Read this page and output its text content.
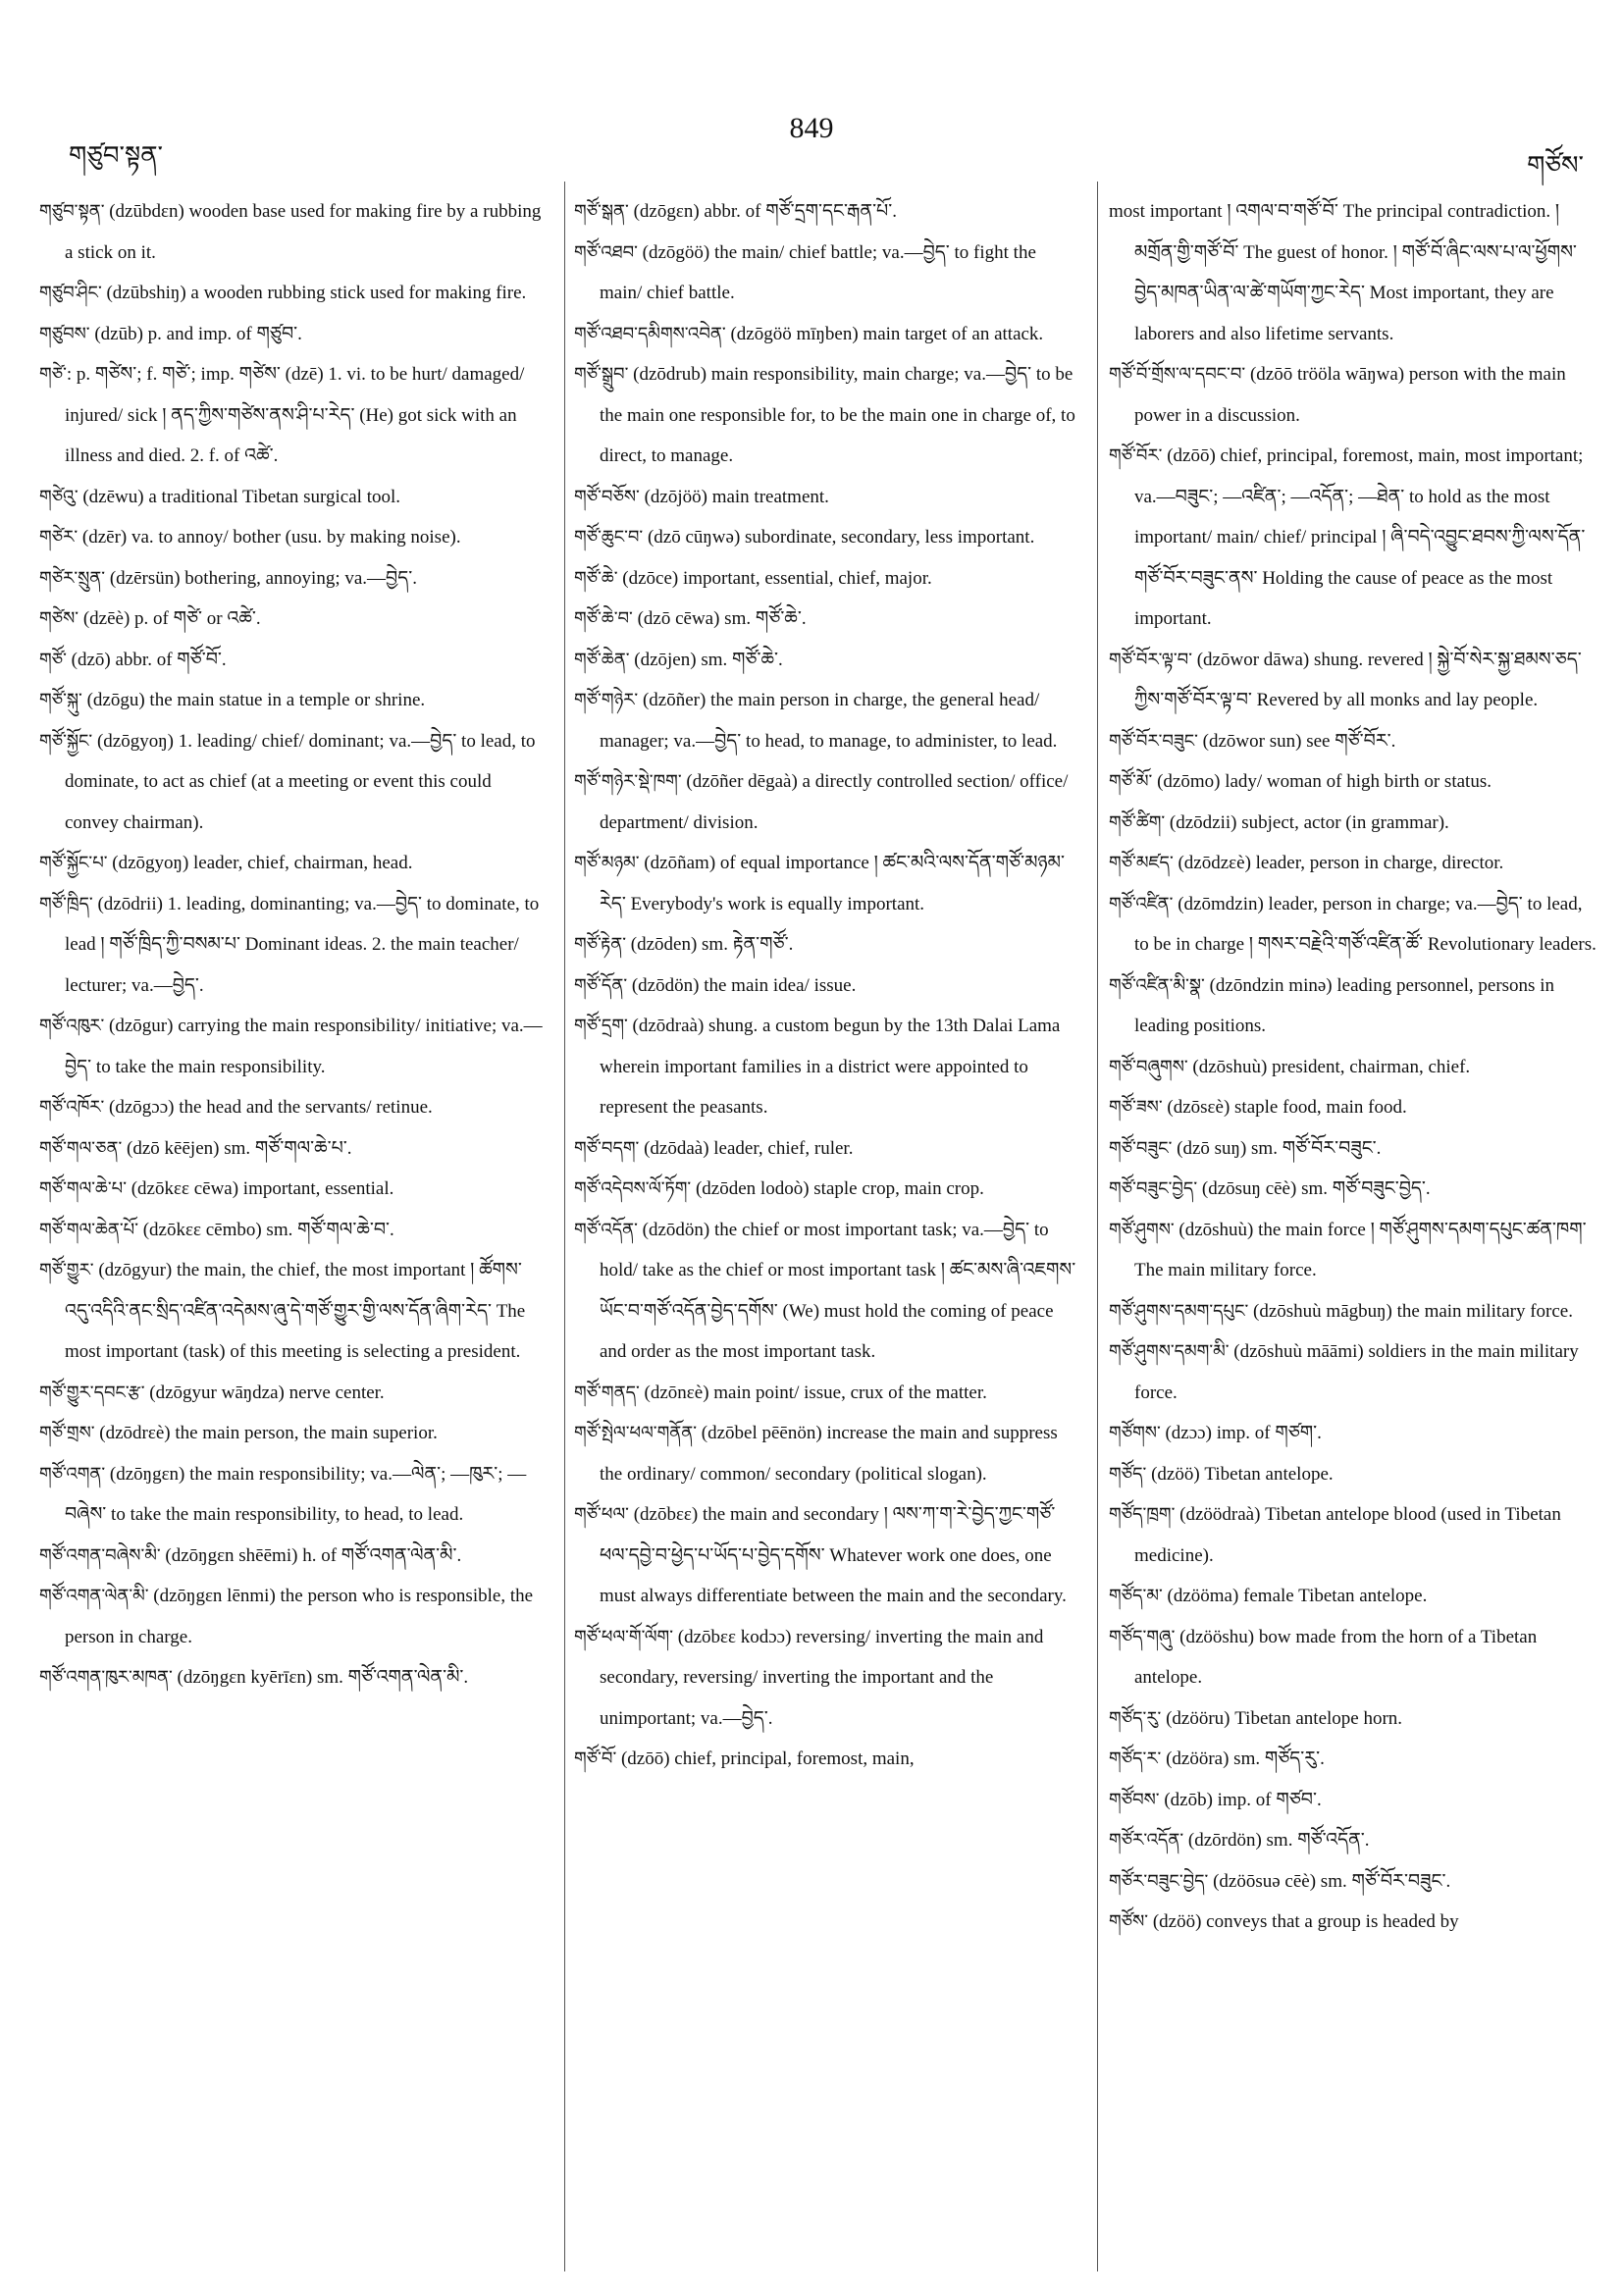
གཙུབ་སྟན་
849
གཙོས་

གཙུབ་སྟན་ (dzūbdɛn) wooden base used for making fire by a rubbing a stick on it.

གཙུབ་ཤིང་ (dzūbshiŋ) a wooden rubbing stick used for making fire.

གཙུབས་ (dzūb) p. and imp. of གཙུབ་.

གཙེ་: p. གཙེས་; f. གཙེ་; imp. གཙེས་ (dzē) 1. vi. to be hurt/ damaged/ injured/ sick ། ནད་ཀྱིས་གཙེས་ནས་ཤི་པ་རེད་ (He) got sick with an illness and died. 2. f. of འཚེ་.

གཙེའུ་ (dzēwu) a traditional Tibetan surgical tool.

གཙེར་ (dzēr) va. to annoy/ bother (usu. by making noise).

གཙེར་སྲུན་ (dzērsün) bothering, annoying; va.—བྱེད་.

གཙེས་ (dzēè) p. of གཙེ་ or འཚེ་.

གཙོ་ (dzō) abbr. of གཙོ་བོ་.

གཙོ་སྐུ་ (dzōgu) the main statue in a temple or shrine.

གཙོ་སྐྱོང་ (dzōgyoŋ) 1. leading/ chief/ dominant; va.—བྱེད་ to lead, to dominate, to act as chief (at a meeting or event this could convey chairman).

གཙོ་སྐྱོང་པ་ (dzōgyoŋ) leader, chief, chairman, head.

གཙོ་ཁྲིད་ (dzōdrii) 1. leading, dominanting; va.—བྱེད་ to dominate, to lead ། གཙོ་ཁྲིད་ཀྱི་བསམ་པ་ Dominant ideas. 2. the main teacher/ lecturer; va.—བྱེད་.

གཙོ་འཁུར་ (dzōgur) carrying the main responsibility/ initiative; va.—བྱེད་ to take the main responsibility.

གཙོ་འཁོར་ (dzōgɔɔ) the head and the servants/ retinue.

གཙོ་གལ་ཅན་ (dzō kēējen) sm. གཙོ་གལ་ཆེ་པ་.

གཙོ་གལ་ཆེ་པ་ (dzōkɛɛ cēwa) important, essential.

གཙོ་གལ་ཆེན་པོ་ (dzōkɛɛ cēmbo) sm. གཙོ་གལ་ཆེ་བ་.

གཙོ་གྱུར་ (dzōgyur) the main, the chief, the most important ། ཚོགས་འདུ་འདིའི་ནང་སྲིད་འཛིན་འདེམས་ཞུ་དེ་གཙོ་གྱུར་གྱི་ལས་དོན་ཞིག་རེད་ The most important (task) of this meeting is selecting a president.

གཙོ་གྱུར་དབང་རྩ་ (dzōgyur wāŋdza) nerve center.

གཙོ་གྲས་ (dzōdrɛè) the main person, the main superior.

གཙོ་འགན་ (dzōŋgɛn) the main responsibility; va.—ལེན་; —ཁུར་; —བཞེས་ to take the main responsibility, to head, to lead.

གཙོ་འགན་བཞེས་མི་ (dzōŋgɛn shēēmi) h. of གཙོ་འགན་ལེན་མི་.

གཙོ་འགན་ལེན་མི་ (dzōŋgɛn lēnmi) the person who is responsible, the person in charge.

གཙོ་འགན་ཁུར་མཁན་ (dzōŋgɛn kyērīɛn) sm. གཙོ་འགན་ལེན་མི་.

གཙོ་སྒན་ (dzōgɛn) abbr. of གཙོ་དྲག་དང་རྒན་པོ་.

གཙོ་འཐབ་ (dzōgöö) the main/ chief battle; va.—བྱེད་ to fight the main/ chief battle.

གཙོ་འཐབ་དམིགས་འབེན་ (dzōgöö mīŋben) main target of an attack.

གཙོ་སྒྲུབ་ (dzōdrub) main responsibility, main charge; va.—བྱེད་ to be the main one responsible for, to be the main one in charge of, to direct, to manage.

གཙོ་བཅོས་ (dzōjöö) main treatment.

གཙོ་ཆུང་བ་ (dzō cūŋwə) subordinate, secondary, less important.

གཙོ་ཆེ་ (dzōce) important, essential, chief, major.

གཙོ་ཆེ་བ་ (dzō cēwa) sm. གཙོ་ཆེ་.

གཙོ་ཆེན་ (dzōjen) sm. གཙོ་ཆེ་.

གཙོ་གཉེར་ (dzōñer) the main person in charge, the general head/ manager; va.—བྱེད་ to head, to manage, to administer, to lead.

གཙོ་གཉེར་སྡེ་ཁག་ (dzōñer dēgaà) a directly controlled section/ office/ department/ division.

གཙོ་མཉམ་ (dzōñam) of equal importance ། ཚང་མའི་ལས་དོན་གཙོ་མཉམ་རེད་ Everybody's work is equally important.

གཙོ་རྟེན་ (dzōden) sm. རྟེན་གཙོ་.

གཙོ་དོན་ (dzōdön) the main idea/ issue.

གཙོ་དྲག་ (dzōdraà) shung. a custom begun by the 13th Dalai Lama wherein important families in a district were appointed to represent the peasants.

གཙོ་བདག་ (dzōdaà) leader, chief, ruler.

གཙོ་འདེབས་ལོ་ཏོག་ (dzōden lodoò) staple crop, main crop.

གཙོ་འདོན་ (dzōdön) the chief or most important task; va.—བྱེད་ to hold/ take as the chief or most important task ། ཚང་མས་ཞི་འཇགས་ཡོང་བ་གཙོ་འདོན་བྱེད་དགོས་ (We) must hold the coming of peace and order as the most important task.

གཙོ་གནད་ (dzōnɛè) main point/ issue, crux of the matter.

གཙོ་སྤེལ་ཕལ་གནོན་ (dzōbel pēēnön) increase the main and suppress the ordinary/ common/ secondary (political slogan).

གཙོ་ཕལ་ (dzōbɛɛ) the main and secondary ། ལས་ཀ་ག་རེ་བྱེད་ཀྱང་གཙོ་ཕལ་དབྱེ་བ་ཕྱེད་པ་ཡོད་པ་བྱེད་དགོས་ Whatever work one does, one must always differentiate between the main and the secondary.

གཙོ་ཕལ་གོ་ལོག་ (dzōbɛɛ kodɔɔ) reversing/ inverting the main and secondary, reversing/ inverting the important and the unimportant; va.—བྱེད་.

གཙོ་བོ་ (dzōō) chief, principal, foremost, main,

most important ། འགལ་བ་གཙོ་བོ་ The principal contradiction. ། མགྲོན་གྱི་གཙོ་བོ་ The guest of honor. ། གཙོ་བོ་ཞིང་ལས་པ་ལ་ཕྱོགས་བྱེད་མཁན་ཡིན་ལ་ཚེ་གཡོག་ཀྱང་རེད་ Most important, they are laborers and also lifetime servants.

གཙོ་བོ་གྲོས་ལ་དབང་བ་ (dzōō trööla wāŋwa) person with the main power in a discussion.

གཙོ་བོར་ (dzōō) chief, principal, foremost, main, most important; va.—བཟུང་; —འཛིན་; —འདོན་; —ཐེན་ to hold as the most important/ main/ chief/ principal ། ཞི་བདེ་འབྱུང་ཐབས་ཀྱི་ལས་དོན་གཙོ་བོར་བཟུང་ནས་ Holding the cause of peace as the most important.

གཙོ་བོར་ལྟ་བ་ (dzōwor dāwa) shung. revered ། སྐྱེ་བོ་སེར་སྐྱ་ཐམས་ཅད་ཀྱིས་གཙོ་བོར་ལྟ་བ་ Revered by all monks and lay people.

གཙོ་བོར་བཟུང་ (dzōwor sun) see གཙོ་བོར་.

གཙོ་མོ་ (dzōmo) lady/ woman of high birth or status.

གཙོ་ཚིག་ (dzōdzii) subject, actor (in grammar).

གཙོ་མཛད་ (dzōdzɛè) leader, person in charge, director.

གཙོ་འཛིན་ (dzōmdzin) leader, person in charge; va.—བྱེད་ to lead, to be in charge ། གསར་བརྗེའི་གཙོ་འཛིན་ཚོ་ Revolutionary leaders.

གཙོ་འཛིན་མི་སྣ་ (dzōndzin minə) leading personnel, persons in leading positions.

གཙོ་བཞུགས་ (dzōshuù) president, chairman, chief.

གཙོ་ཟས་ (dzōsɛè) staple food, main food.

གཙོ་བཟུང་ (dzō suŋ) sm. གཙོ་བོར་བཟུང་.

གཙོ་བཟུང་བྱེད་ (dzōsuŋ cēè) sm. གཙོ་བཟུང་བྱེད་.

གཙོ་ཤུགས་ (dzōshuù) the main force ། གཙོ་ཤུགས་དམག་དཔུང་ཚན་ཁག་ The main military force.

གཙོ་ཤུགས་དམག་དཔུང་ (dzōshuù māgbuŋ) the main military force.

གཙོ་ཤུགས་དམག་མི་ (dzōshuù māāmi) soldiers in the main military force.

གཙོགས་ (dzɔɔ) imp. of གཙག་.

གཙོད་ (dzöö) Tibetan antelope.

གཙོད་ཁྲག་ (dzöödraà) Tibetan antelope blood (used in Tibetan medicine).

གཙོད་མ་ (dzööma) female Tibetan antelope.

གཙོད་གཞུ་ (dzööshu) bow made from the horn of a Tibetan antelope.

གཙོད་རུ་ (dzööru) Tibetan antelope horn.

གཙོད་ར་ (dzööra) sm. གཙོད་རུ་.

གཙོབས་ (dzōb) imp. of གཙབ་.

གཙོར་འདོན་ (dzōrdön) sm. གཙོ་འདོན་.

གཙོར་བཟུང་བྱེད་ (dzöōsuə cēè) sm. གཙོ་བོར་བཟུང་.

གཙོས་ (dzöö) conveys that a group is headed by
